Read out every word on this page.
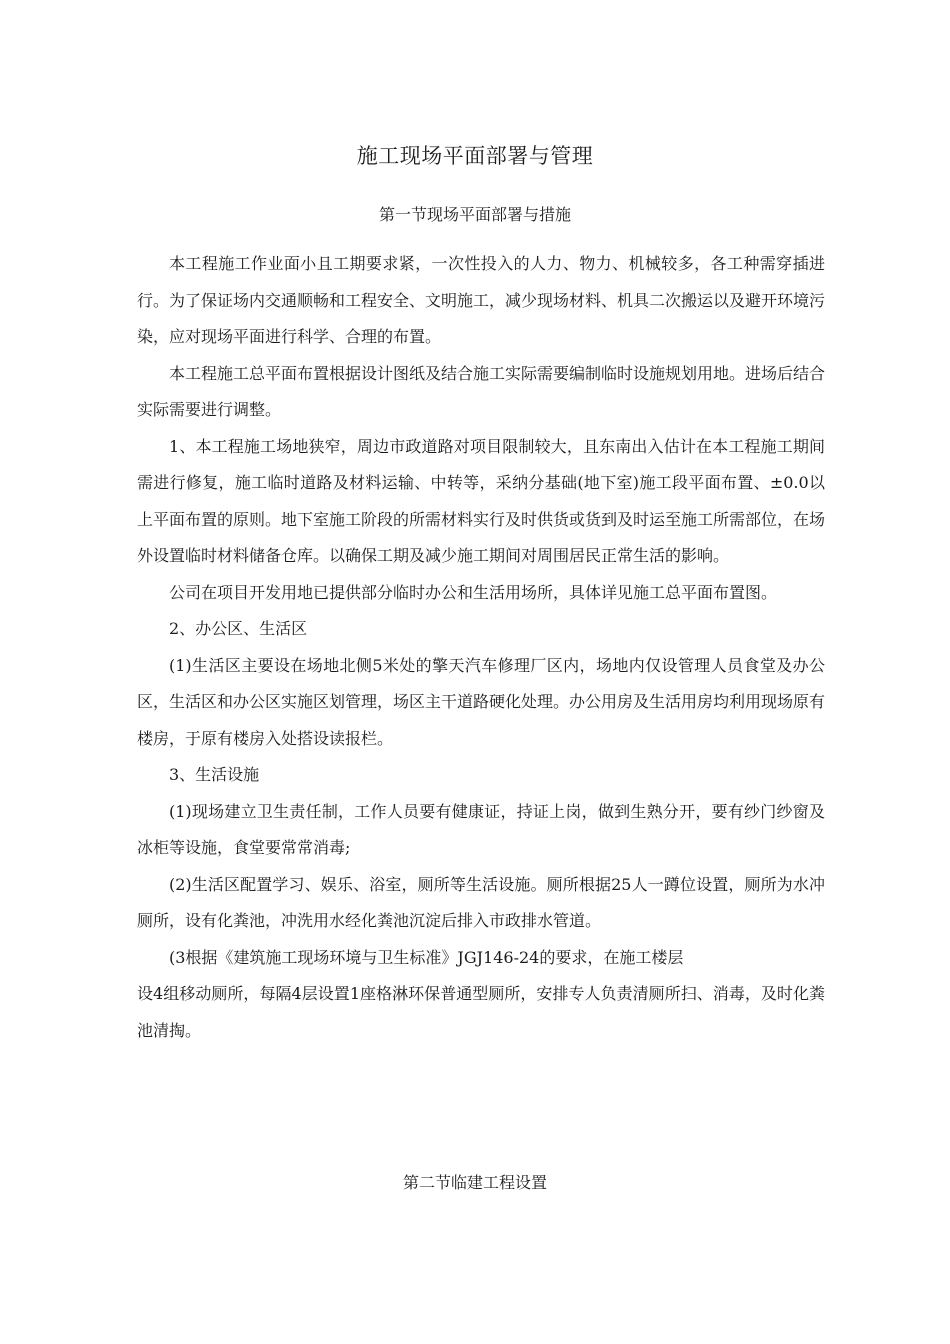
施工现场平面部署与管理
第一节现场平面部署与措施

本工程施工作业面小且工期要求紧，一次性投入的人力、物力、机械较多，各工种需穿插进行。为了保证场内交通顺畅和工程安全、文明施工，减少现场材料、机具二次搬运以及避开环境污染，应对现场平面进行科学、合理的布置。

本工程施工总平面布置根据设计图纸及结合施工实际需要编制临时设施规划用地。进场后结合实际需要进行调整。

1、本工程施工场地狭窄，周边市政道路对项目限制较大，且东南出入估计在本工程施工期间需进行修复，施工临时道路及材料运输、中转等，采纳分基础(地下室)施工段平面布置、±0.0以上平面布置的原则。地下室施工阶段的所需材料实行及时供货或货到及时运至施工所需部位，在场外设置临时材料储备仓库。以确保工期及减少施工期间对周围居民正常生活的影响。

公司在项目开发用地已提供部分临时办公和生活用场所，具体详见施工总平面布置图。

2、办公区、生活区

(1)生活区主要设在场地北侧5米处的擎天汽车修理厂区内，场地内仅设管理人员食堂及办公区，生活区和办公区实施区划管理，场区主干道路硬化处理。办公用房及生活用房均利用现场原有楼房，于原有楼房入处搭设读报栏。

3、生活设施

(1)现场建立卫生责任制，工作人员要有健康证，持证上岗，做到生熟分开，要有纱门纱窗及冰柜等设施，食堂要常常消毒;

(2)生活区配置学习、娱乐、浴室，厕所等生活设施。厕所根据25人一蹲位设置，厕所为水冲厕所，设有化粪池，冲洗用水经化粪池沉淀后排入市政排水管道。

(3根据《建筑施工现场环境与卫生标准》JGJ146-24的要求，在施工楼层

设4组移动厕所，每隔4层设置1座格淋环保普通型厕所，安排专人负责清厕所扫、消毒，及时化粪池清掏。

第二节临建工程设置
